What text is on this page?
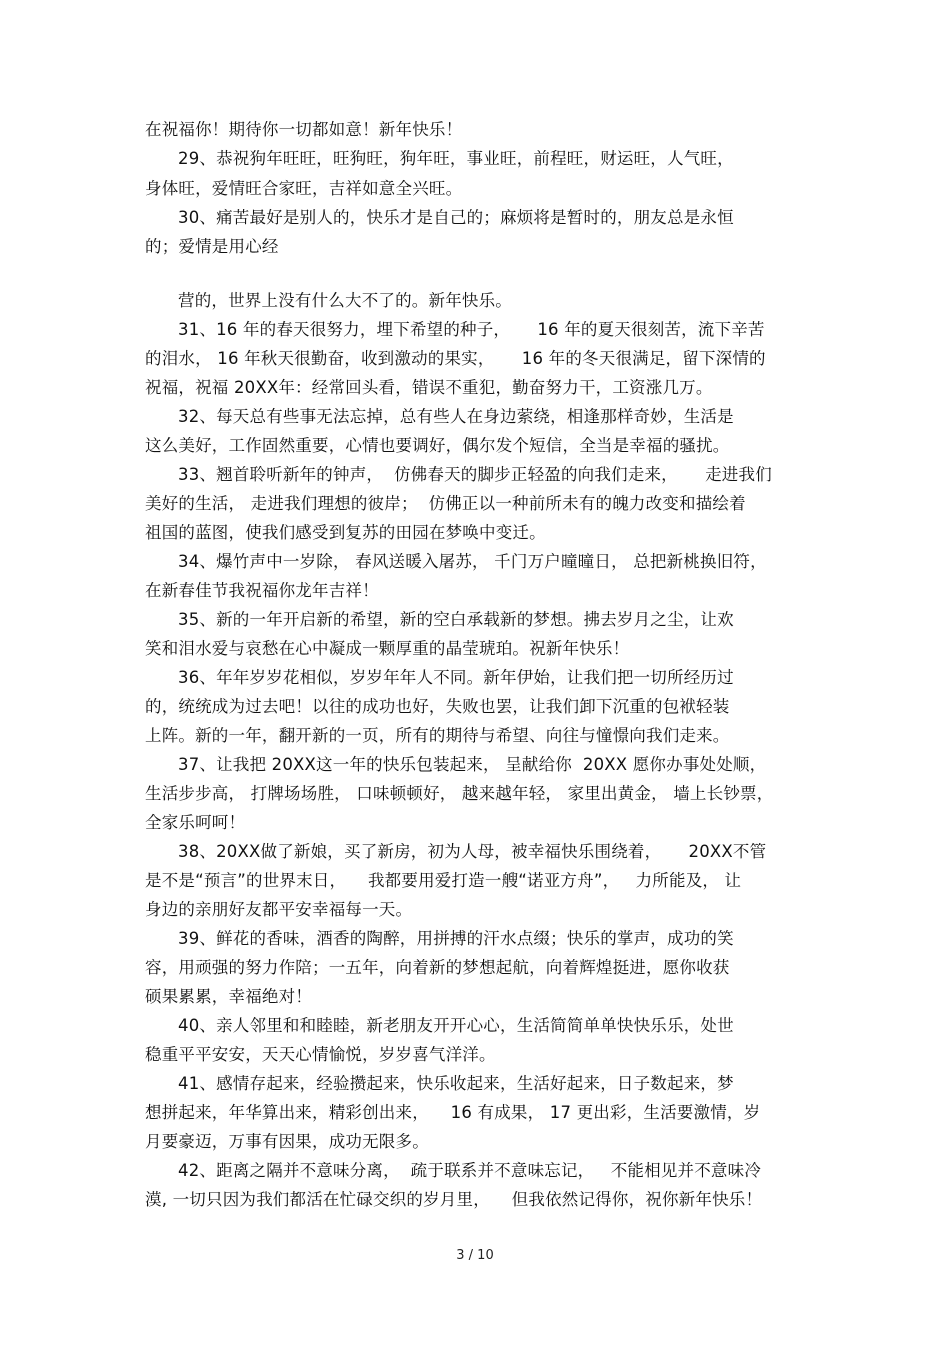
在祝福你！期待你一切都如意！新年快乐！
29、恭祝狗年旺旺，旺狗旺，狗年旺，事业旺，前程旺，财运旺，人气旺，
身体旺，爱情旺合家旺，吉祥如意全兴旺。
30、痛苦最好是别人的，快乐才是自己的；麻烦将是暂时的，朋友总是永恒
的；爱情是用心经
营的，世界上没有什么大不了的。新年快乐。
31、16 年的春天很努力，埋下希望的种子，     16 年的夏天很刻苦，流下辛苦
的泪水， 16 年秋天很勤奋，收到激动的果实，     16 年的冬天很满足，留下深情的
祝福，祝福 20XX年：经常回头看，错误不重犯，勤奋努力干，工资涨几万。
32、每天总有些事无法忘掉，总有些人在身边萦绕，相逢那样奇妙，生活是
这么美好，工作固然重要，心情也要调好，偶尔发个短信，全当是幸福的骚扰。
33、翘首聆听新年的钟声，  仿佛春天的脚步正轻盈的向我们走来，     走进我们
美好的生活， 走进我们理想的彼岸；  仿佛正以一种前所未有的魄力改变和描绘着
祖国的蓝图，使我们感受到复苏的田园在梦唤中变迁。
34、爆竹声中一岁除， 春风送暖入屠苏， 千门万户曈曈日， 总把新桃换旧符，
在新春佳节我祝福你龙年吉祥！
35、新的一年开启新的希望，新的空白承载新的梦想。拂去岁月之尘，让欢
笑和泪水爱与哀愁在心中凝成一颗厚重的晶莹琥珀。祝新年快乐！
36、年年岁岁花相似，岁岁年年人不同。新年伊始，让我们把一切所经历过
的，统统成为过去吧！以往的成功也好，失败也罢，让我们卸下沉重的包袱轻装
上阵。新的一年，翻开新的一页，所有的期待与希望、向往与憧憬向我们走来。
37、让我把 20XX这一年的快乐包装起来， 呈献给你  20XX 愿你办事处处顺，
生活步步高， 打牌场场胜， 口味顿顿好， 越来越年轻， 家里出黄金， 墙上长钞票，
全家乐呵呵！
38、20XX做了新娘，买了新房，初为人母，被幸福快乐围绕着，     20XX不管
是不是“预言”的世界末日，    我都要用爱打造一艘“诺亚方舟”，   力所能及， 让
身边的亲朋好友都平安幸福每一天。
39、鲜花的香味，酒香的陶醉，用拼搏的汗水点缀；快乐的掌声，成功的笑
容，用顽强的努力作陪；一五年，向着新的梦想起航，向着辉煌挺进，愿你收获
硕果累累，幸福绝对！
40、亲人邻里和和睦睦，新老朋友开开心心，生活简简单单快快乐乐，处世
稳重平平安安，天天心情愉悦，岁岁喜气洋洋。
41、感情存起来，经验攒起来，快乐收起来，生活好起来，日子数起来，梦
想拼起来，年华算出来，精彩创出来，    16 有成果， 17 更出彩，生活要激情，岁
月要豪迈，万事有因果，成功无限多。
42、距离之隔并不意味分离，  疏于联系并不意味忘记，   不能相见并不意味冷
漠, 一切只因为我们都活在忙碌交织的岁月里，    但我依然记得你，祝你新年快乐！
3 / 10
